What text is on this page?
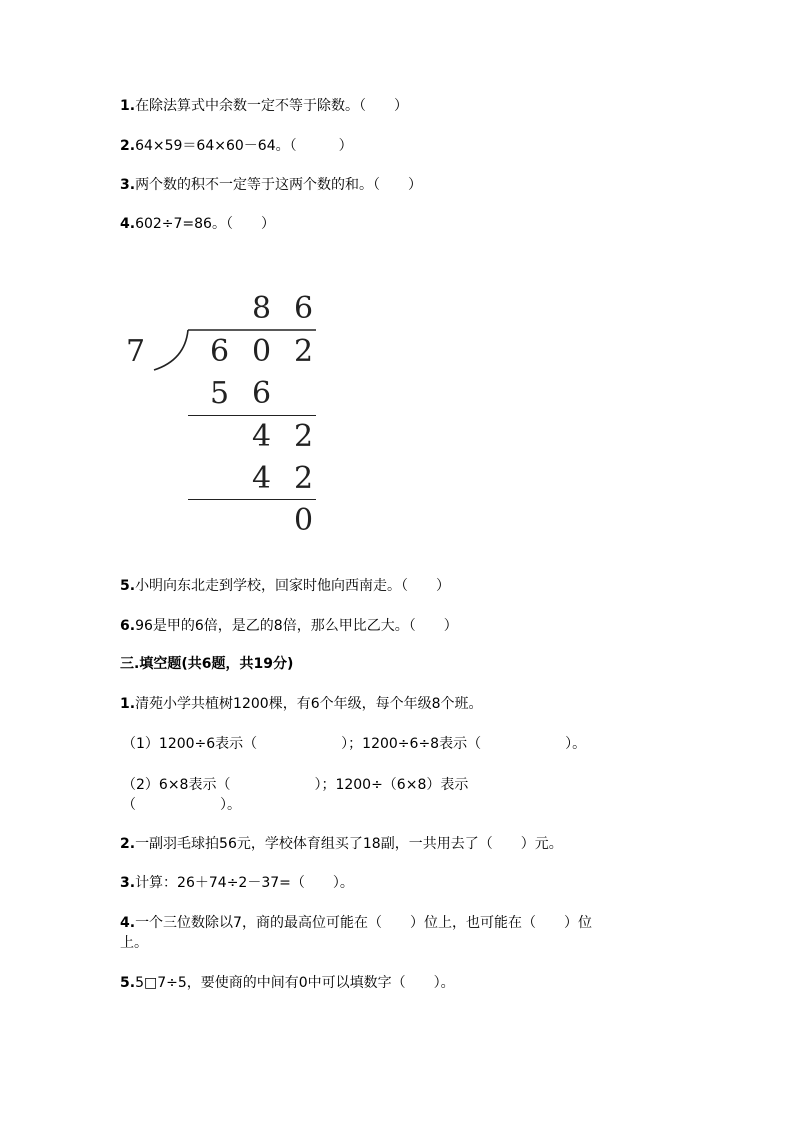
1.在除法算式中余数一定不等于除数。（　　）

2.64×59＝64×60－64。（　　　）

3.两个数的积不一定等于这两个数的和。（　　）

4.602÷7=86。（　　）

8 6
7 6 0 2
5 6
4 2
4 2
0

5.小明向东北走到学校，回家时他向西南走。（　　）

6.96是甲的6倍，是乙的8倍，那么甲比乙大。（　　）

三.填空题(共6题，共19分)

1.清苑小学共植树1200棵，有6个年级，每个年级8个班。

（1）1200÷6表示（　　　　　　）；1200÷6÷8表示（　　　　　　）。

（2）6×8表示（　　　　　　）；1200÷（6×8）表示
（　　　　　　）。

2.一副羽毛球拍56元，学校体育组买了18副，一共用去了（　　）元。

3.计算：26＋74÷2－37=（　　）。

4.一个三位数除以7，商的最高位可能在（　　）位上，也可能在（　　）位
上。

5.5□7÷5，要使商的中间有0中可以填数字（　　）。
